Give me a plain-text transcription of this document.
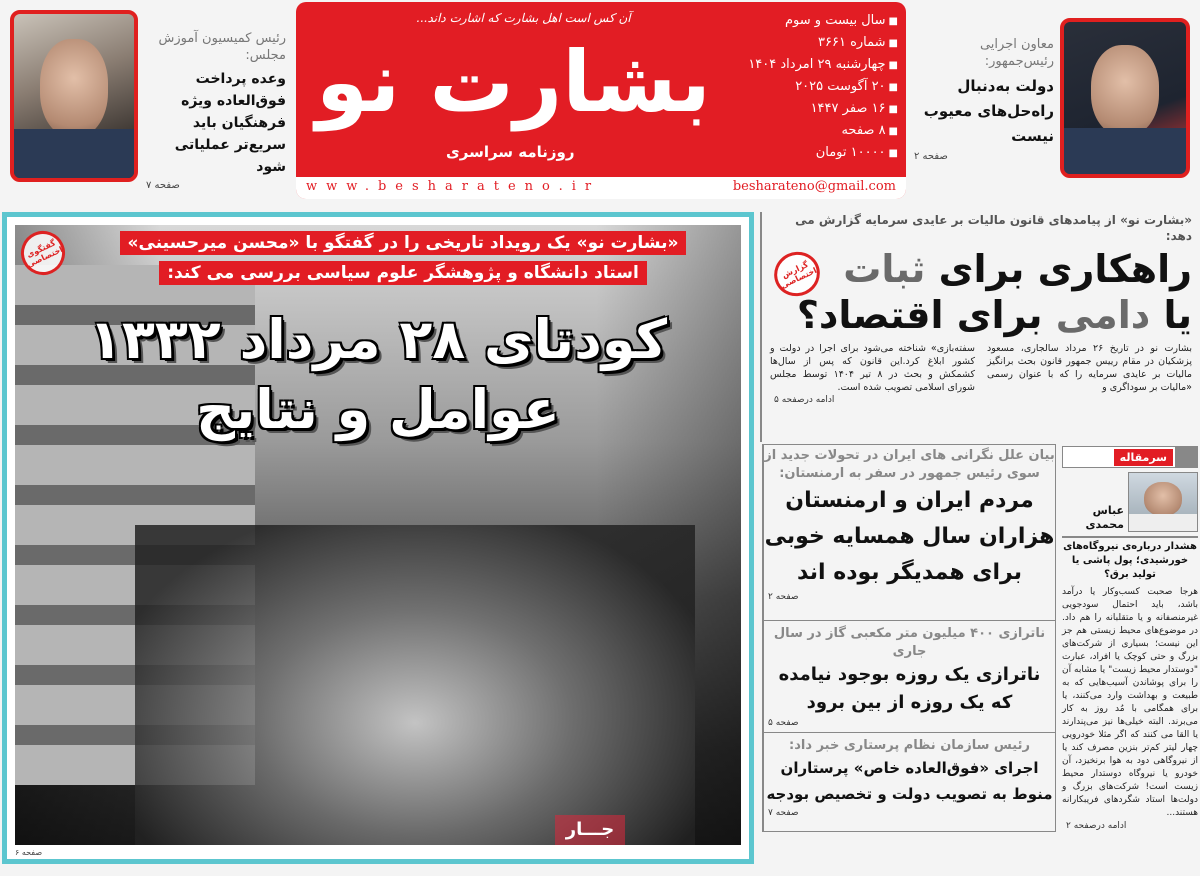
رئیس کمیسیون آموزش مجلس:
وعده پرداخت فوق‌العاده ویژه فرهنگیان باید سریع‌تر عملیاتی شود
صفحه ۷
آن کس است اهل بشارت که اشارت داند...
بشارت نو
روزنامه سراسری
■ سال بیست و سوم
■ شماره ۳۶۶۱
■ چهارشنبه ۲۹ امرداد ۱۴۰۴
■ ۲۰ آگوست ۲۰۲۵
■ ۱۶ صفر ۱۴۴۷
■ ۸ صفحه
■ ۱۰۰۰۰ تومان
www.besharateno.ir	besharateno@gmail.com
معاون اجرایی رئیس‌جمهور:
دولت به‌دنبال راه‌حل‌های معیوب نیست
صفحه ۲
گفتگوی اختصاصی
«بشارت نو» یک رویداد تاریخی را در گفتگو با «محسن میرحسینی»
استاد دانشگاه و پژوهشگر علوم سیاسی بررسی می کند:
کودتای ۲۸ مرداد ۱۳۳۲
عوامل و نتایج
جـــار
صفحه ۶
«بشارت نو» از پیامدهای قانون مالیات بر عایدی سرمایه گزارش می دهد:
گزارش اختصاصی	راهکاری برای ثبات
یا دامی برای اقتصاد؟
بشارت نو در تاریخ ۲۶ مرداد سالجاری، مسعود پزشکیان در مقام رییس جمهور قانون بحث برانگیز مالیات بر عایدی سرمایه را که با عنوان رسمی «مالیات بر سوداگری و
سفته‌بازی» شناخته می‌شود برای اجرا در دولت و کشور ابلاغ کرد.این قانون که پس از سال‌ها کشمکش و بحث در ۸ تیر ۱۴۰۴ توسط مجلس شورای اسلامی تصویب شده است.
ادامه درصفحه ۵
بیان علل نگرانی های ایران در تحولات جدید از سوی رئیس جمهور در سفر به ارمنستان:
مردم ایران و ارمنستان
هزاران سال همسایه خوبی
برای همدیگر بوده اند
صفحه ۲
ناترازی ۴۰۰ میلیون متر مکعبی گاز در سال جاری
ناترازی یک روزه بوجود نیامده
که یک روزه از بین برود
صفحه ۵
رئیس سازمان نظام پرستاری خبر داد:
اجرای «فوق‌العاده خاص» پرستاران
منوط به تصویب دولت و تخصیص بودجه
صفحه ۷
سرمقاله
عباس محمدی
هشدار درباره‌ی نیروگاه‌های خورشیدی؛ پول پاشی یا تولید برق؟
هرجا صحبت کسب‌وکار یا درآمد باشد، باید احتمال سودجویی غیرمنصفانه و یا متقلبانه را هم داد. در موضوع‌های محیط زیستی هم جز این نیست؛ بسیاری از شرکت‌های بزرگ و حتی کوچک یا افراد، عبارت "دوستدار محیط زیست" یا مشابه آن را برای پوشاندن آسیب‌هایی که به طبیعت و بهداشت وارد می‌کنند، یا برای همگامی با مُد روز به کار می‌برند. البته خیلی‌ها نیز می‌پندارند یا القا می کنند که اگر مثلا خودرویی چهار لیتر کم‌تر بنزین مصرف کند یا از نیروگاهی دود به هوا برنخیزد، آن خودرو یا نیروگاه دوستدار محیط زیست است! شرکت‌های بزرگ و دولت‌ها استاد شگردهای فریبکارانه هستند...
ادامه درصفحه ۲
